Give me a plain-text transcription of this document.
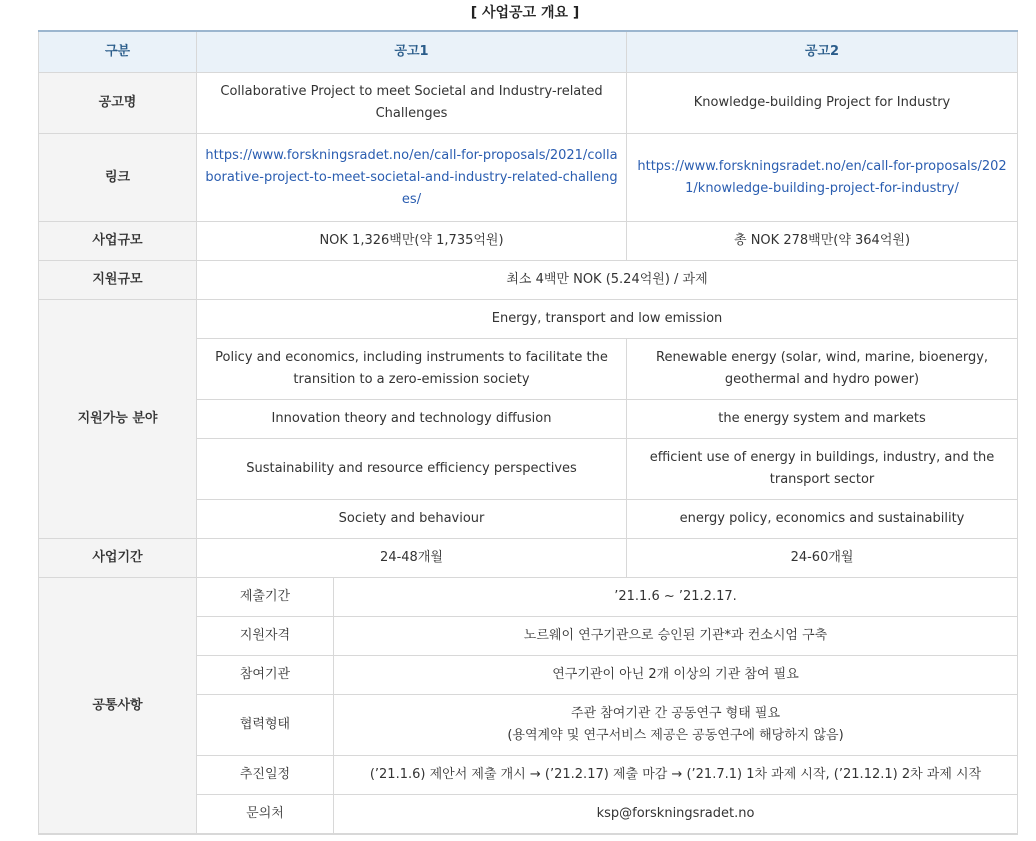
[ 사업공고 개요 ]
구분	공고1		공고2
공고명	Collaborative Project to meet Societal and Industry-related Challenges		Knowledge-building Project for Industry
링크	https://www.forskningsradet.no/en/call-for-proposals/2021/collaborative-project-to-meet-societal-and-industry-related-challenges/		https://www.forskningsradet.no/en/call-for-proposals/2021/knowledge-building-project-for-industry/
사업규모	NOK 1,326백만(약 1,735억원)		총 NOK 278백만(약 364억원)
지원규모	최소 4백만 NOK (5.24억원) / 과제		
지원가능 분야	Energy, transport and low emission		
	Policy and economics, including instruments to facilitate the transition to a zero-emission society		Renewable energy (solar, wind, marine, bioenergy, geothermal and hydro power)
	Innovation theory and technology diffusion		the energy system and markets
	Sustainability and resource efficiency perspectives		efficient use of energy in buildings, industry, and the transport sector
	Society and behaviour		energy policy, economics and sustainability
사업기간	24-48개월		24-60개월
공통사항	제출기간	’21.1.6 ~ ’21.2.17.	
	지원자격	노르웨이 연구기관으로 승인된 기관*과 컨소시엄 구축	
	참여기관	연구기관이 아닌 2개 이상의 기관 참여 필요	
	협력형태	주관 참여기관 간 공동연구 형태 필요
(용역계약 및 연구서비스 제공은 공동연구에 해당하지 않음)	

	추진일정	(’21.1.6) 제안서 제출 개시 → (’21.2.17) 제출 마감 → (’21.7.1) 1차 과제 시작, (’21.12.1) 2차 과제 시작	
	문의처	ksp@forskningsradet.no	
